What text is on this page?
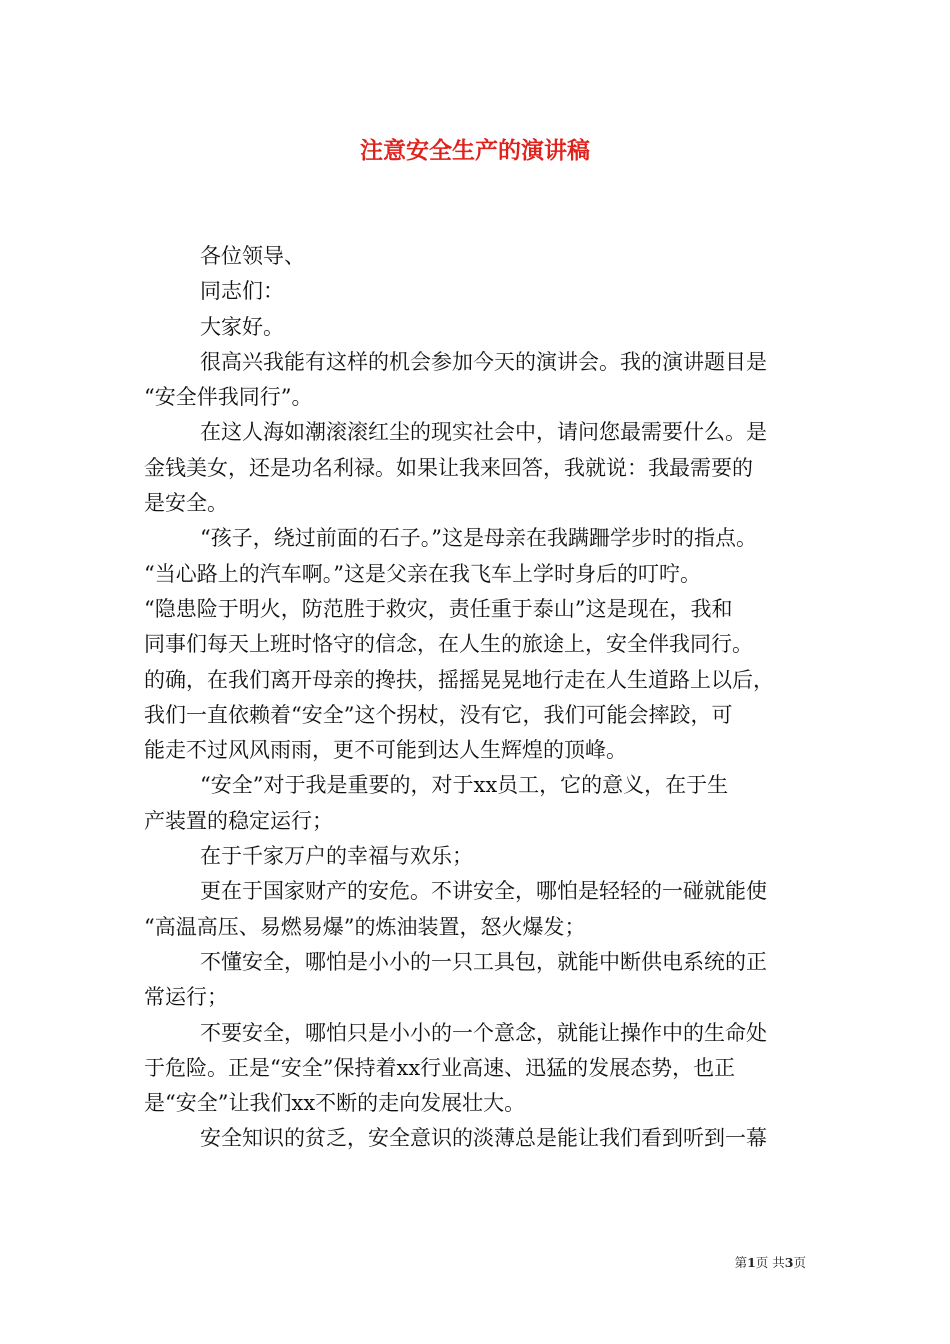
注意安全生产的演讲稿
各位领导、
同志们：
大家好。
很高兴我能有这样的机会参加今天的演讲会。我的演讲题目是
“安全伴我同行”。
在这人海如潮滚滚红尘的现实社会中，请问您最需要什么。是
金钱美女，还是功名利禄。如果让我来回答，我就说：我最需要的
是安全。
“孩子，绕过前面的石子。”这是母亲在我蹒跚学步时的指点。
“当心路上的汽车啊。”这是父亲在我飞车上学时身后的叮咛。
“隐患险于明火，防范胜于救灾，责任重于泰山”这是现在，我和
同事们每天上班时恪守的信念，在人生的旅途上，安全伴我同行。
的确，在我们离开母亲的搀扶，摇摇晃晃地行走在人生道路上以后，
我们一直依赖着“安全”这个拐杖，没有它，我们可能会摔跤，可
能走不过风风雨雨，更不可能到达人生辉煌的顶峰。
“安全”对于我是重要的，对于xx员工，它的意义，在于生
产装置的稳定运行；
在于千家万户的幸福与欢乐；
更在于国家财产的安危。不讲安全，哪怕是轻轻的一碰就能使
“高温高压、易燃易爆”的炼油装置，怒火爆发；
不懂安全，哪怕是小小的一只工具包，就能中断供电系统的正
常运行；
不要安全，哪怕只是小小的一个意念，就能让操作中的生命处
于危险。正是“安全”保持着xx行业高速、迅猛的发展态势，也正
是“安全”让我们xx不断的走向发展壮大。
安全知识的贫乏，安全意识的淡薄总是能让我们看到听到一幕
第1页 共3页
